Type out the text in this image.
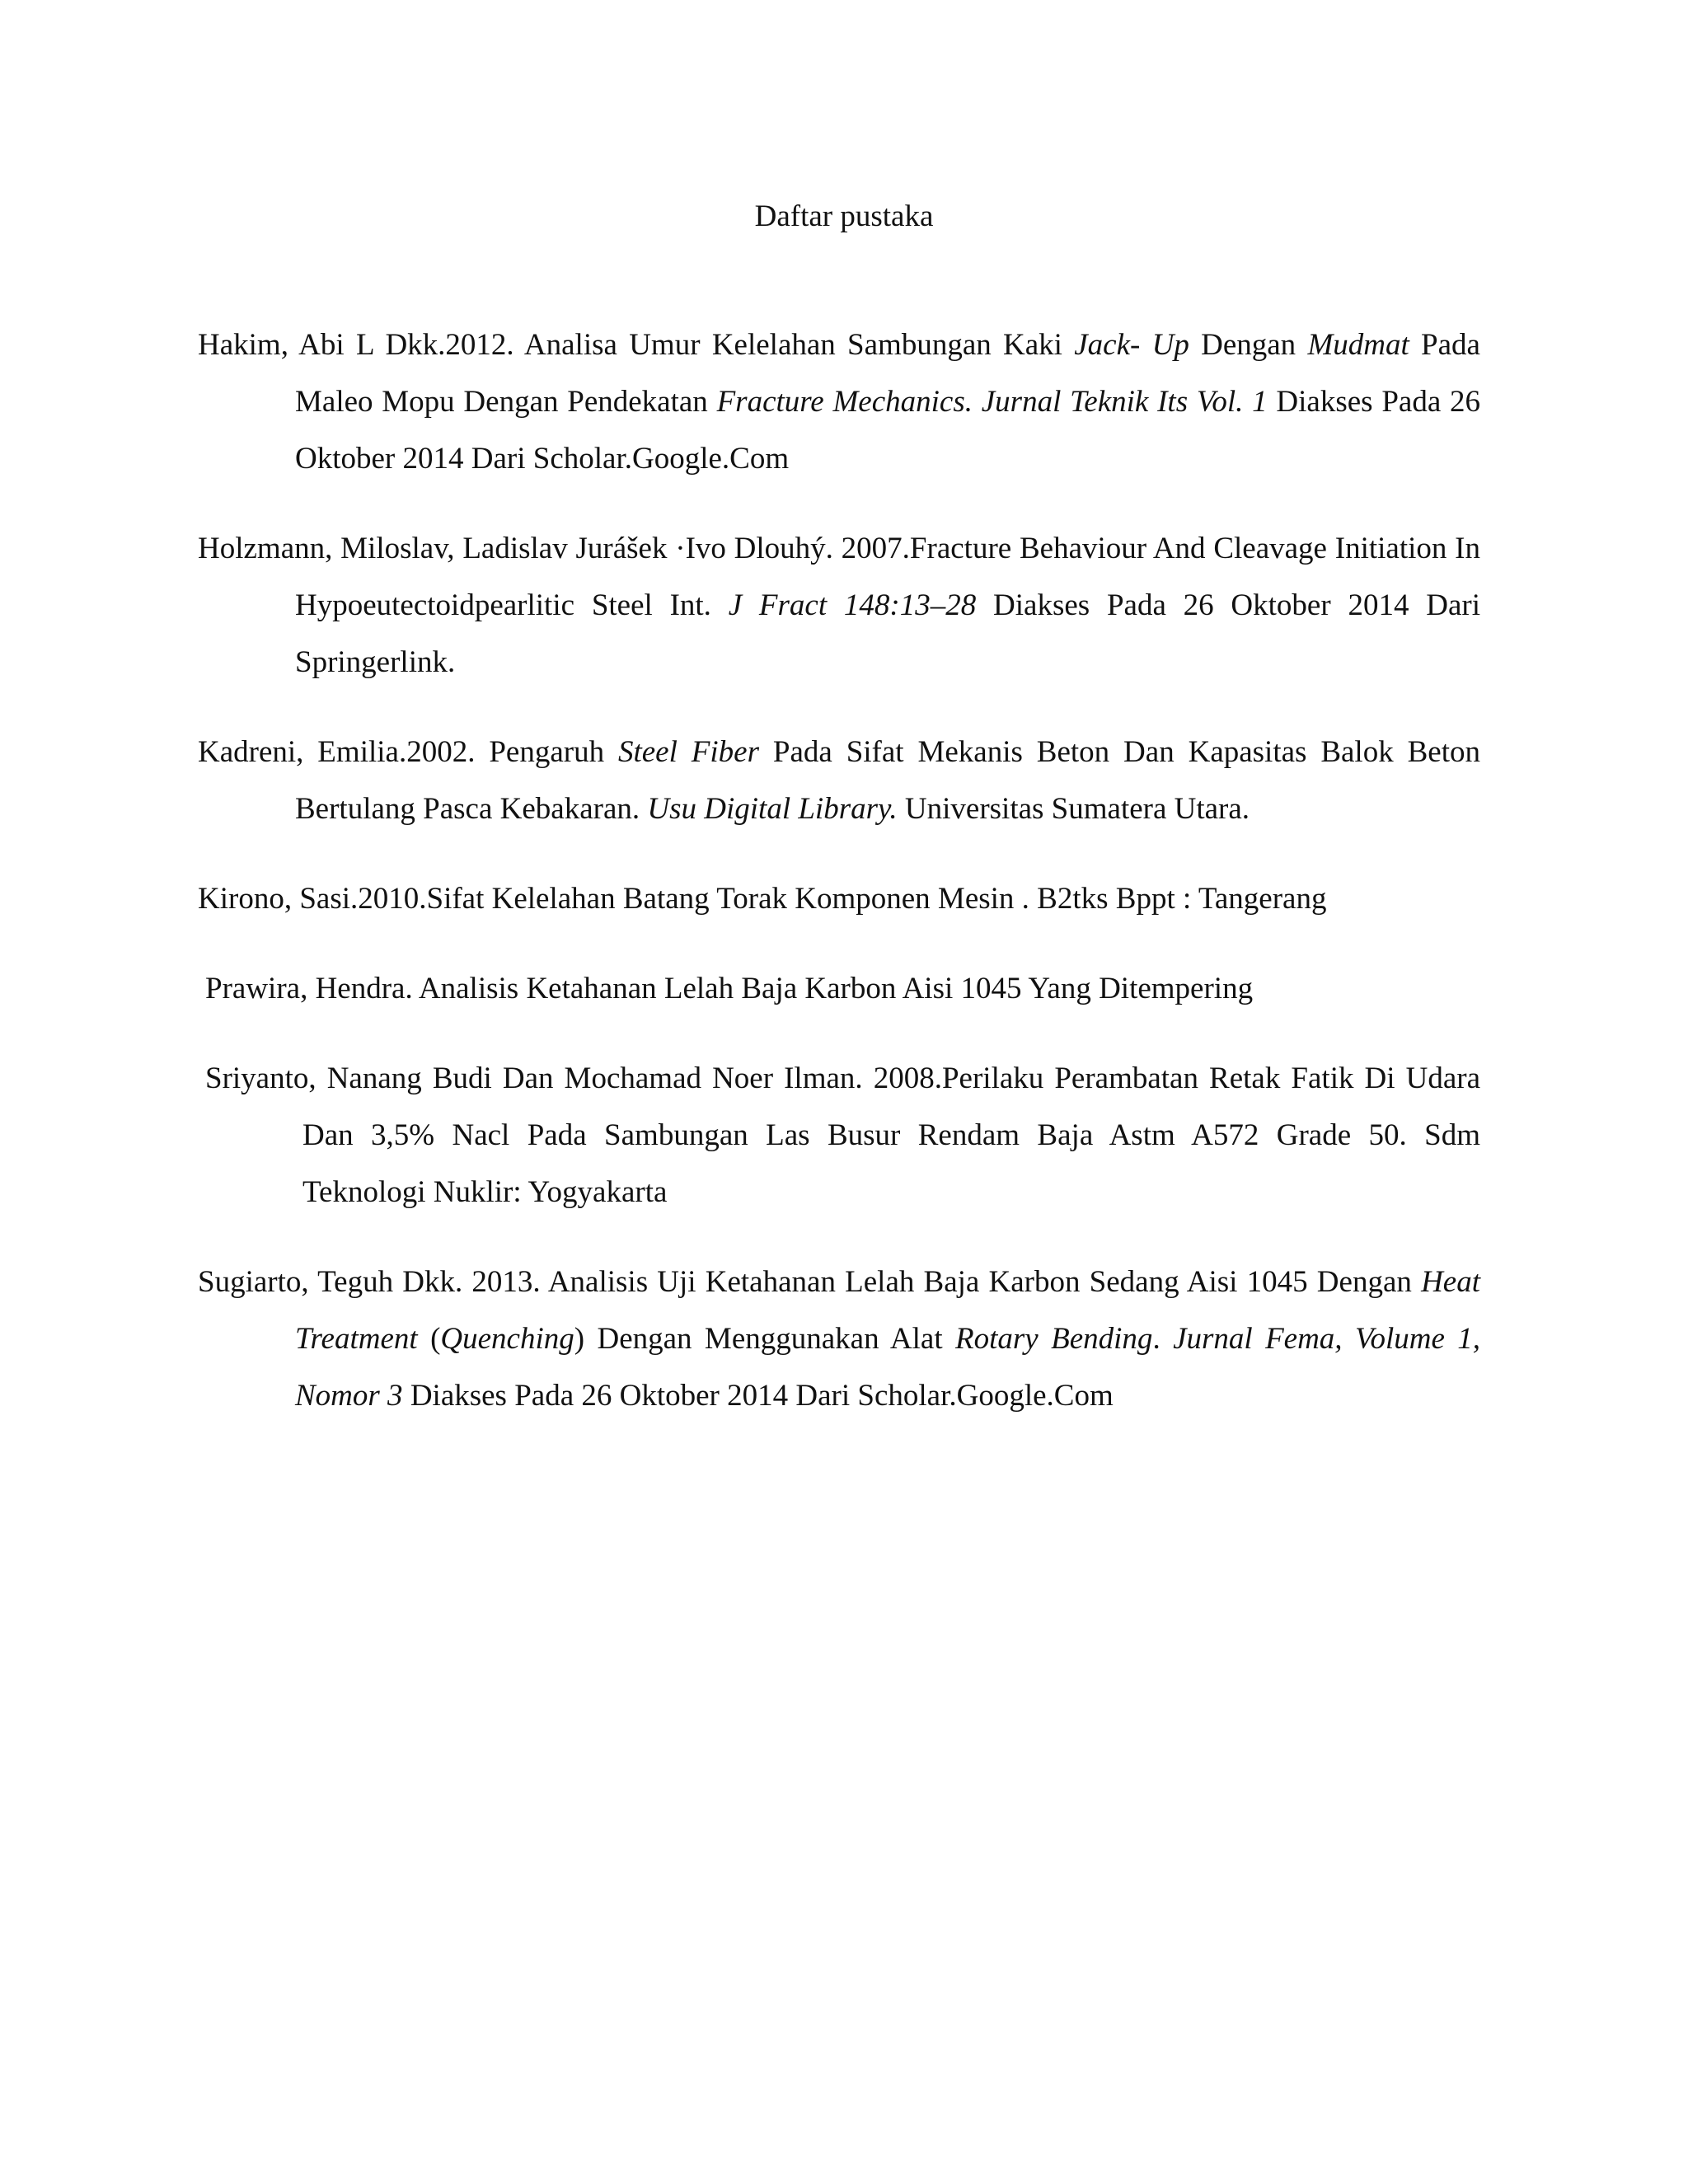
Daftar pustaka

Hakim, Abi L Dkk.2012. Analisa Umur Kelelahan Sambungan Kaki Jack- Up Dengan Mudmat Pada Maleo Mopu Dengan Pendekatan Fracture Mechanics. Jurnal Teknik Its Vol. 1 Diakses Pada 26 Oktober 2014 Dari Scholar.Google.Com

Holzmann, Miloslav, Ladislav Jurášek ·Ivo Dlouhý. 2007.Fracture Behaviour And Cleavage Initiation In Hypoeutectoidpearlitic Steel Int. J Fract 148:13–28 Diakses Pada 26 Oktober 2014 Dari Springerlink.

Kadreni, Emilia.2002. Pengaruh Steel Fiber Pada Sifat Mekanis Beton Dan Kapasitas Balok Beton Bertulang Pasca Kebakaran. Usu Digital Library. Universitas Sumatera Utara.

Kirono, Sasi.2010.Sifat Kelelahan Batang Torak Komponen Mesin . B2tks Bppt : Tangerang

Prawira, Hendra. Analisis Ketahanan Lelah Baja Karbon Aisi 1045 Yang Ditempering

Sriyanto, Nanang Budi Dan Mochamad Noer Ilman. 2008.Perilaku Perambatan Retak Fatik Di Udara Dan 3,5% Nacl Pada Sambungan Las Busur Rendam Baja Astm A572 Grade 50. Sdm Teknologi Nuklir: Yogyakarta

Sugiarto, Teguh Dkk. 2013. Analisis Uji Ketahanan Lelah Baja Karbon Sedang Aisi 1045 Dengan Heat Treatment (Quenching) Dengan Menggunakan Alat Rotary Bending. Jurnal Fema, Volume 1, Nomor 3 Diakses Pada 26 Oktober 2014 Dari Scholar.Google.Com
